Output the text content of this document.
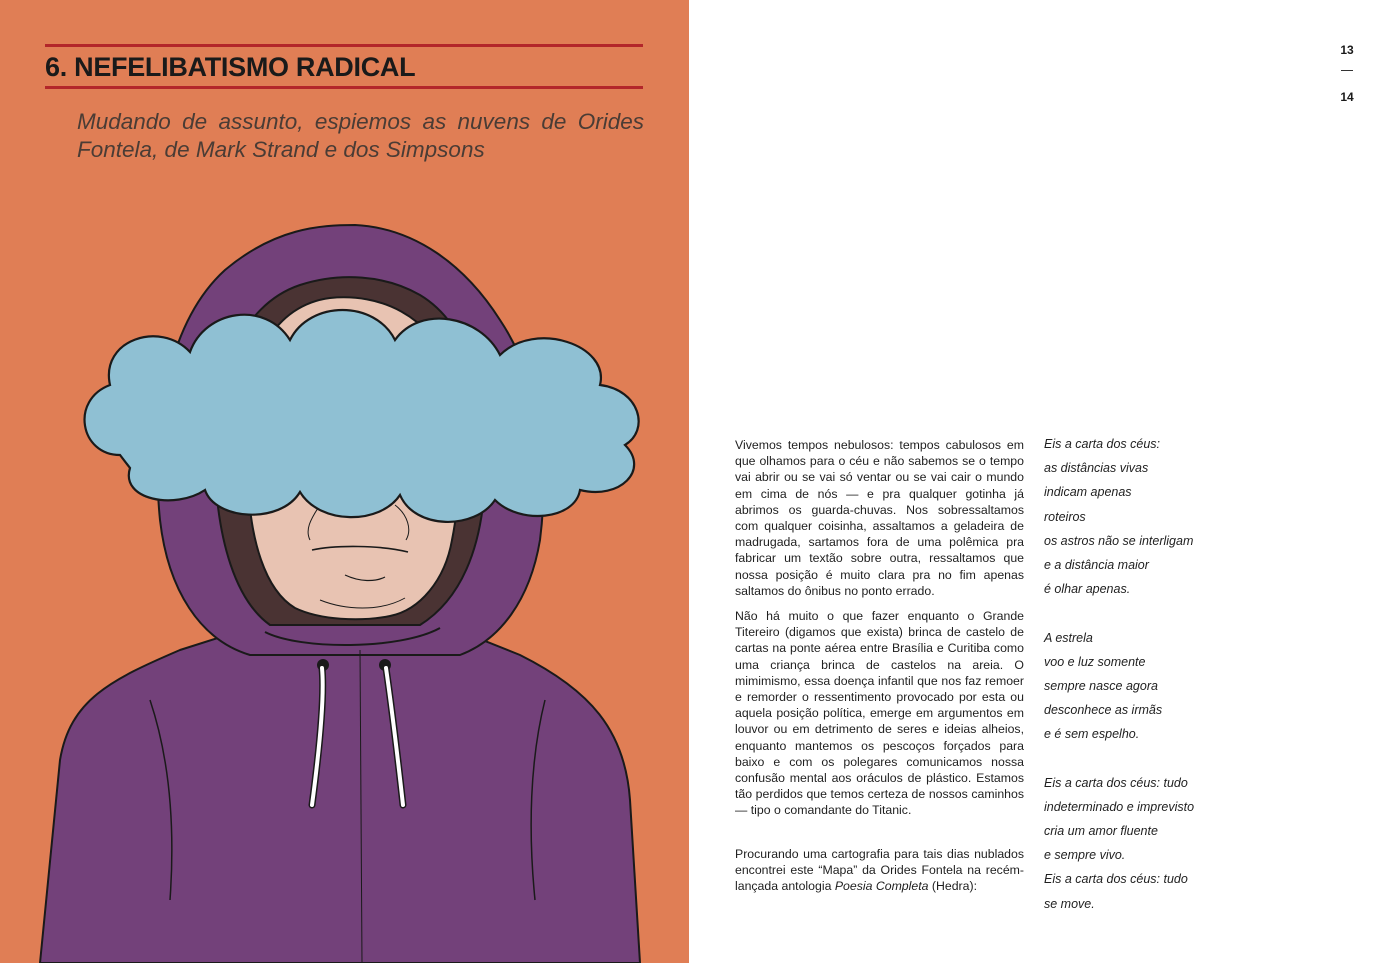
6. NEFELIBATISMO RADICAL
Mudando de assunto, espiemos as nuvens de Orides Fontela, de Mark Strand e dos Simpsons
13
14

Vivemos tempos nebulosos: tempos cabulosos em que olhamos para o céu e não sabemos se o tempo vai abrir ou se vai só ventar ou se vai cair o mundo em cima de nós — e pra qualquer gotinha já abrimos os guarda-chuvas. Nos sobressaltamos com qualquer coisinha, assaltamos a geladeira de madrugada, sartamos fora de uma polêmica pra fabricar um textão sobre outra, ressaltamos que nossa posição é muito clara pra no fim apenas saltamos do ônibus no ponto errado.

Não há muito o que fazer enquanto o Grande Titereiro (digamos que exista) brinca de castelo de cartas na ponte aérea entre Brasília e Curitiba como uma criança brinca de castelos na areia. O mimimismo, essa doença infantil que nos faz remoer e remorder o ressentimento provocado por esta ou aquela posição política, emerge em argumentos em louvor ou em detrimento de seres e ideias alheios, enquanto mantemos os pescoços forçados para baixo e com os polegares comunicamos nossa confusão mental aos oráculos de plástico. Estamos tão perdidos que temos certeza de nossos caminhos — tipo o comandante do Titanic.

Procurando uma cartografia para tais dias nublados encontrei este “Mapa” da Orides Fontela na recém-lançada antologia Poesia Completa (Hedra):

Eis a carta dos céus:
as distâncias vivas
indicam apenas
roteiros
os astros não se interligam
e a distância maior
é olhar apenas.
A estrela
voo e luz somente
sempre nasce agora
desconhece as irmãs
e é sem espelho.
Eis a carta dos céus: tudo
indeterminado e imprevisto
cria um amor fluente
e sempre vivo.
Eis a carta dos céus: tudo
se move.
